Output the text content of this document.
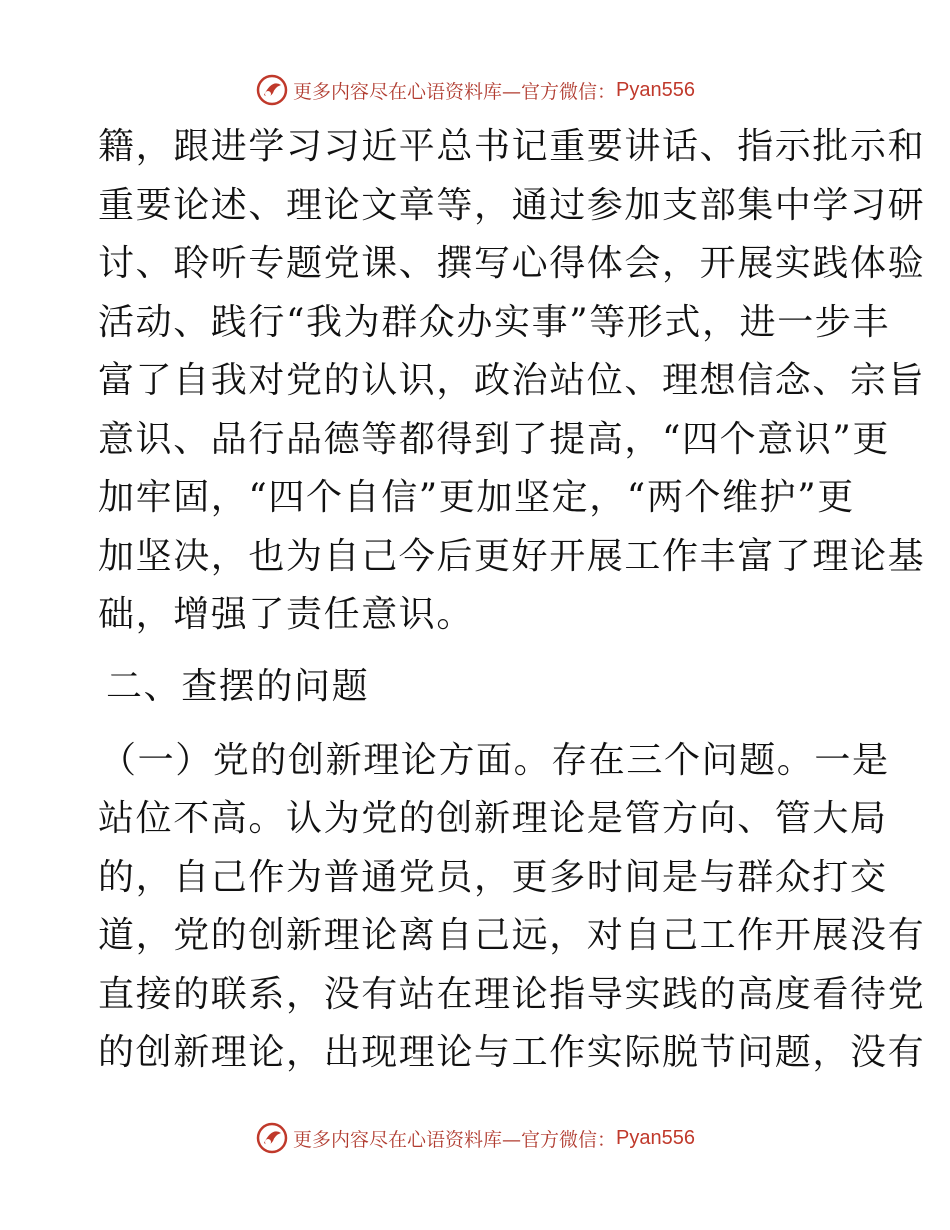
更多内容尽在心语资料库—官方微信： Pyan556
籍，跟进学习习近平总书记重要讲话、指示批示和
重要论述、理论文章等，通过参加支部集中学习研
讨、聆听专题党课、撰写心得体会，开展实践体验
活动、践行“我为群众办实事”等形式，进一步丰
富了自我对党的认识，政治站位、理想信念、宗旨
意识、品行品德等都得到了提高，“四个意识”更
加牢固，“四个自信”更加坚定，“两个维护”更
加坚决，也为自己今后更好开展工作丰富了理论基
础，增强了责任意识。
二、查摆的问题
（一）党的创新理论方面。存在三个问题。一是
站位不高。认为党的创新理论是管方向、管大局
的，自己作为普通党员，更多时间是与群众打交
道，党的创新理论离自己远，对自己工作开展没有
直接的联系，没有站在理论指导实践的高度看待党
的创新理论，出现理论与工作实际脱节问题，没有
更多内容尽在心语资料库—官方微信： Pyan556
